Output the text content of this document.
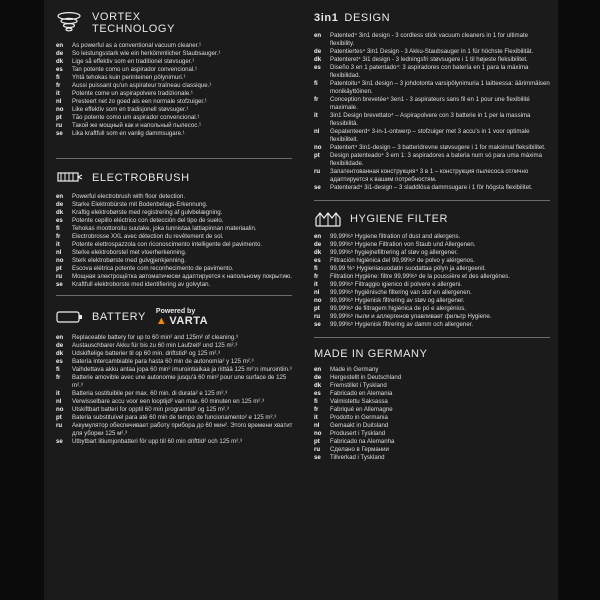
VORTEX
TECHNOLOGY
en	As powerful as a conventional vacuum cleaner.¹
de	So leistungsstark wie ein herkömmlicher Staubsauger.¹
dk	Lige så effektiv som en traditionel støvsuger.¹
es	Tan potente como un aspirador convencional.¹
fi	Yhtä tehokas kuin perinteinen pölynimuri.¹
fr	Aussi puissant qu'un aspirateur traîneau classique.¹
it	Potente come un aspirapolvere tradizionale.¹
nl	Presteert net zo goed als een normale stofzuiger.¹
no	Like effektiv som en tradisjonell støvsuger.¹
pt	Tão potente como um aspirador convencional.¹
ru	Такой же мощный как и напольный пылесос.¹
se	Lika kraftfull som en vanlig dammsugare.¹
ELECTROBRUSH
en	Powerful electrobrush with floor detection.
de	Starke Elektrobürste mit Bodenbelags-Erkennung.
dk	Kraftig elektrobørste med registrering af gulvbelægning.
es	Potente cepillo eléctrico con detección del tipo de suelo.
fi	Tehokas moottoroitu suulake, joka tunnistaa lattiapinnan materiaalin.
fr	Electrobrosse XXL avec détection du revêtement de sol.
it	Potente elettrospazzola con riconoscimento intelligente del pavimento.
nl	Sterke elektroborstel met vloerherkenning.
no	Sterk elektrobørste med gulvgjenkjenning.
pt	Escova elétrica potente com reconhecimento de pavimento.
ru	Мощная электрощётка автоматически адаптируется к напольному покрытию.
se	Kraftfull elektroborste med identifiering av golvytan.
BATTERY Powered by
▲ VARTA
en	Replaceable battery for up to 60 min² and 125m² of cleaning.³
de	Austauschbarer Akku für bis zu 60 min Laufzeit² und 125 m².³
dk	Udskiftelige batterier til op 60 min. driftstid² og 125 m².³
es	Batería intercambiable para hasta 60 min de autonomía² y 125 m².³
fi	Vaihdettava akku antaa jopa 60 min² imurointiaikaa ja riittää 125 m²:n imurointiin.³
fr	Batterie amovible avec une autonomie jusqu'à 60 min² pour une surface de 125 m².³
it	Batteria sostituibile per max. 60 min. di durata² e 125 m².³
nl	Verwisselbare accu voor een looptijd² van max. 60 minuten en 125 m².³
no	Utskiftbart batteri for opptil 60 min programtid² og 125 m².³
pt	Bateria substituível para até 60 min de tempo de funcionamento² e 125 m².³
ru	Аккумулятор обеспечивает работу прибора до 60 мин². Этого времени хватит для уборки 125 м².³
se	Utbytbart litiumjonbatteri för upp till 60 min drifttid² och 125 m².³
3in1 DESIGN
en	Patented⁴ 3in1 design - 3 cordless stick vacuum cleaners in 1 for ultimate flexibility.
de	Patentiertes⁴ 3in1 Design - 3 Akku-Staubsauger in 1 für höchste Flexibilität.
dk	Patenteret⁴ 3i1 design - 3 ledningsfri støvsugere i 1 til højeste fleksibilitet.
es	Diseño 3 en 1 patentado⁴: 3 aspiradores con batería en 1 para la máxima flexibilidad.
fi	Patentoitu⁴ 3in1 design – 3 johdotonta varsipölynimuria 1 laitteessa: äärimmäisen monikäyttöinen.
fr	Conception brevetée⁴ 3en1 - 3 aspirateurs sans fil en 1 pour une flexibilité maximale.
it	3in1 Design brevettato⁴ – Aspirapolvere con 3 batterie in 1 per la massima flessibilità.
nl	Gepatenteerd⁴ 3-in-1-ontwerp – stofzuiger met 3 accu's in 1 voor optimale flexibiliteit.
no	Patentert⁴ 3in1-design – 3 batteridrevne støvsugere i 1 for maksimal fleksibilitet.
pt	Design patenteado⁴ 3 em 1: 3 aspiradores a bateria num só para uma máxima flexibilidade.
ru	Запатентованная конструкция⁴ 3 в 1 – конструкция пылесоса отлично адаптируется к вашим потребностям.
se	Patenterad⁴ 3i1-design – 3 sladdlösa dammsugare i 1 för högsta flexibilitet.
HYGIENE FILTER
en	99,99%⁵ Hygiene filtration of dust and allergens.
de	99,99%⁵ Hygiene Filtration von Staub und Allergenen.
dk	99,99%⁵ hygiejnefiltrering af støv og allergener.
es	Filtración higiénica del 99,99%⁵ de polvo y alérgenos.
fi	99,99 %⁵ Hygieniasuodatin suodattaa pölyn ja allergeenit.
fr	Filtration Hygiène: filtre 99,99%⁵ de la poussière et des allergènes.
it	99,99%⁵ Filtraggio igienico di polvere e allergeni.
nl	99,99%⁵ hygiënische filtering van stof en allergenen.
no	99,99%⁵ Hygienisk filtrering av støv og allergener.
pt	99,99%⁵ de filtragem higiénica de pó e alergénios.
ru	99,99%⁵ пыли и аллергенов улавливает фильтр Hygiene.
se	99,99%⁵ Hygienisk filtrering av damm och allergener.
MADE IN GERMANY
en	Made in Germany
de	Hergestellt in Deutschland
dk	Fremstillet i Tyskland
es	Fabricado en Alemania
fi	Valmistettu Saksassa
fr	Fabriqué en Allemagne
it	Prodotto in Germania
nl	Gemaakt in Duitsland
no	Produsert i Tyskland
pt	Fabricado na Alemanha
ru	Сделано в Германии
se	Tillverkad i Tyskland
